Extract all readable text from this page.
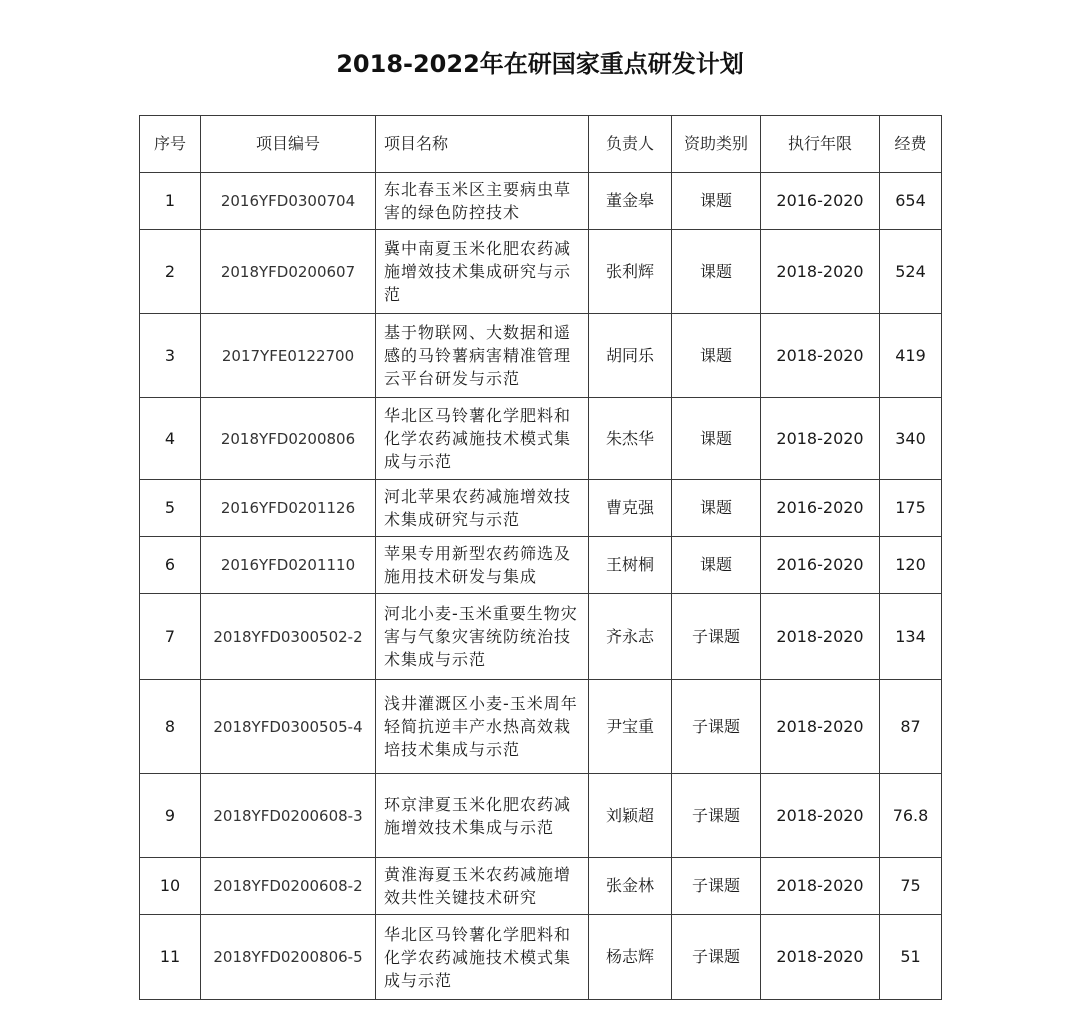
2018-2022年在研国家重点研发计划
序号	项目编号	项目名称	负责人	资助类别	执行年限	经费
1	2016YFD0300704	东北春玉米区主要病虫草害的绿色防控技术	董金皋	课题	2016-2020	654
2	2018YFD0200607	冀中南夏玉米化肥农药减施增效技术集成研究与示范	张利辉	课题	2018-2020	524
3	2017YFE0122700	基于物联网、大数据和遥感的马铃薯病害精准管理云平台研发与示范	胡同乐	课题	2018-2020	419
4	2018YFD0200806	华北区马铃薯化学肥料和化学农药减施技术模式集成与示范	朱杰华	课题	2018-2020	340
5	2016YFD0201126	河北苹果农药减施增效技术集成研究与示范	曹克强	课题	2016-2020	175
6	2016YFD0201110	苹果专用新型农药筛选及施用技术研发与集成	王树桐	课题	2016-2020	120
7	2018YFD0300502-2	河北小麦-玉米重要生物灾害与气象灾害统防统治技术集成与示范	齐永志	子课题	2018-2020	134
8	2018YFD0300505-4	浅井灌溉区小麦-玉米周年轻简抗逆丰产水热高效栽培技术集成与示范	尹宝重	子课题	2018-2020	87
9	2018YFD0200608-3	环京津夏玉米化肥农药减施增效技术集成与示范	刘颖超	子课题	2018-2020	76.8
10	2018YFD0200608-2	黄淮海夏玉米农药减施增效共性关键技术研究	张金林	子课题	2018-2020	75
11	2018YFD0200806-5	华北区马铃薯化学肥料和化学农药减施技术模式集成与示范	杨志辉	子课题	2018-2020	51
